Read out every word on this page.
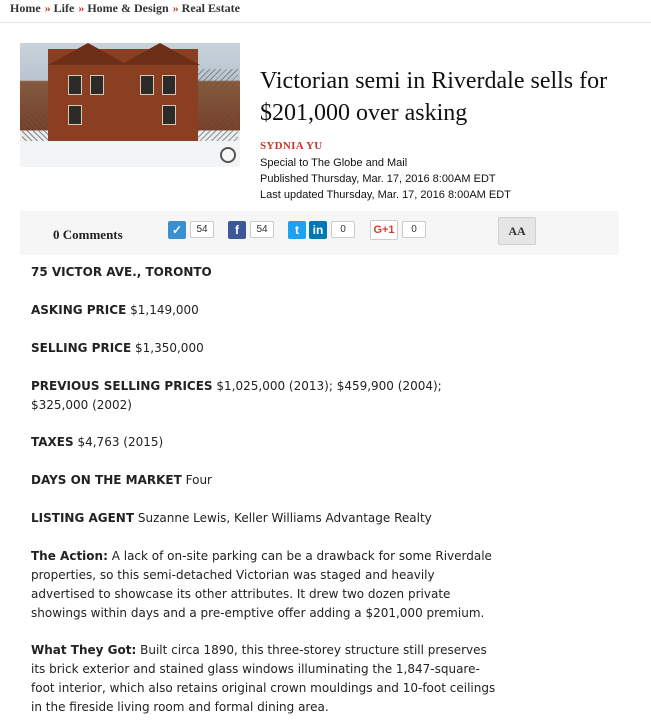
Home » Life » Home & Design » Real Estate
Victorian semi in Riverdale sells for $201,000 over asking
SYDNIA YU
Special to The Globe and Mail
Published Thursday, Mar. 17, 2016 8:00AM EDT
Last updated Thursday, Mar. 17, 2016 8:00AM EDT
0 Comments	✓	54	f	54	t	in	0	G+1	0	AA

75 VICTOR AVE., TORONTO

ASKING PRICE $1,149,000

SELLING PRICE $1,350,000

PREVIOUS SELLING PRICES $1,025,000 (2013); $459,900 (2004); $325,000 (2002)

TAXES $4,763 (2015)

DAYS ON THE MARKET Four

LISTING AGENT Suzanne Lewis, Keller Williams Advantage Realty

The Action: A lack of on-site parking can be a drawback for some Riverdale properties, so this semi-detached Victorian was staged and heavily advertised to showcase its other attributes. It drew two dozen private showings within days and a pre-emptive offer adding a $201,000 premium.

What They Got: Built circa 1890, this three-storey structure still preserves its brick exterior and stained glass windows illuminating the 1,847-square-foot interior, which also retains original crown mouldings and 10-foot ceilings in the fireside living room and formal dining area.
